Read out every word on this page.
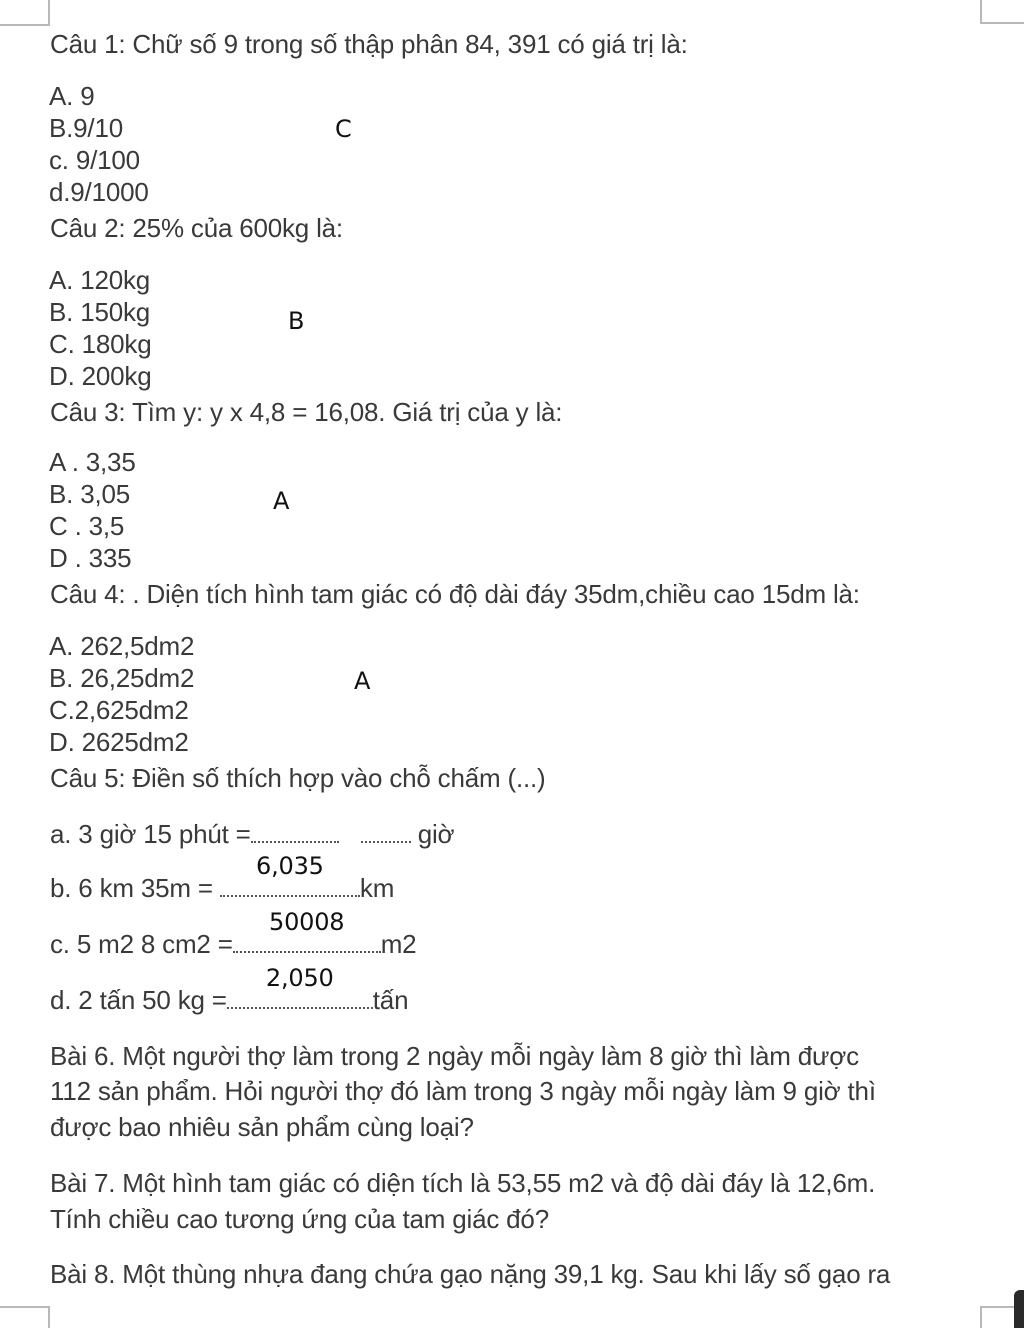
Câu 1: Chữ số 9 trong số thập phân 84, 391 có giá trị là:
A. 9
B.9/10
c. 9/100
d.9/1000
C
Câu 2: 25% của 600kg là:
A. 120kg
B. 150kg
C. 180kg
D. 200kg
B
Câu 3: Tìm y: y x 4,8 = 16,08. Giá trị của y là:
A . 3,35
B. 3,05
C . 3,5
D . 335
A
Câu 4: . Diện tích hình tam giác có độ dài đáy 35dm,chiều cao 15dm là:
A. 262,5dm2
B. 26,25dm2
C.2,625dm2
D. 2625dm2
A
Câu 5: Điền số thích hợp vào chỗ chấm (...)
a. 3 giờ 15 phút =	giờ
b. 6 km 35m =
6,035
km
c. 5 m2 8 cm2 =
50008
m2
d. 2 tấn 50 kg =
2,050
tấn
Bài 6. Một người thợ làm trong 2 ngày mỗi ngày làm 8 giờ thì làm được
112 sản phẩm. Hỏi người thợ đó làm trong 3 ngày mỗi ngày làm 9 giờ thì
được bao nhiêu sản phẩm cùng loại?
Bài 7. Một hình tam giác có diện tích là 53,55 m2 và độ dài đáy là 12,6m.
Tính chiều cao tương ứng của tam giác đó?
Bài 8. Một thùng nhựa đang chứa gạo nặng 39,1 kg. Sau khi lấy số gạo ra
